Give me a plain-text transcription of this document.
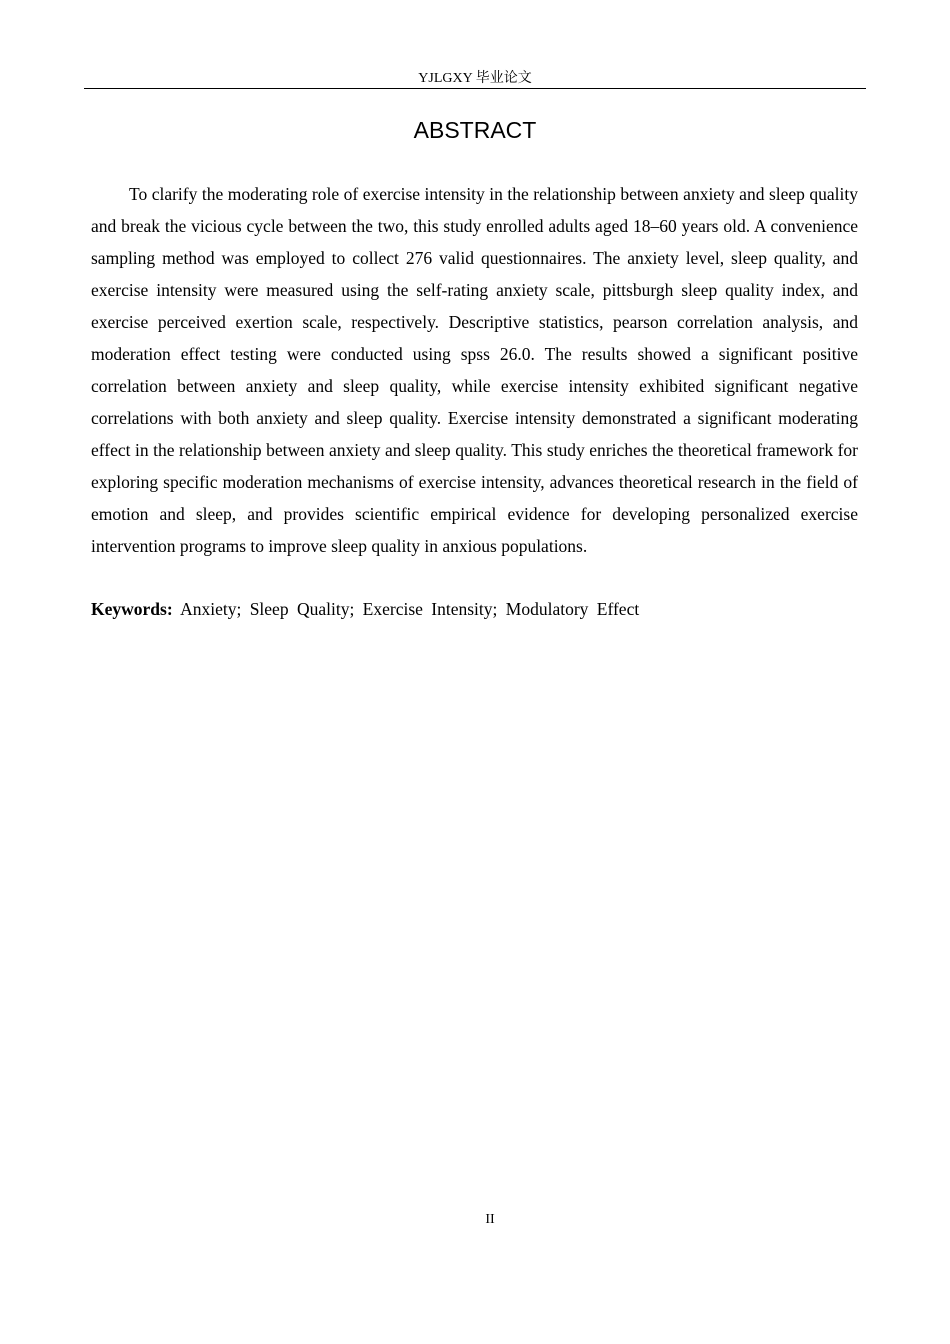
YJLGXY 毕业论文
ABSTRACT

To clarify the moderating role of exercise intensity in the relationship between anxiety and sleep quality and break the vicious cycle between the two, this study enrolled adults aged 18–60 years old. A convenience sampling method was employed to collect 276 valid questionnaires. The anxiety level, sleep quality, and exercise intensity were measured using the self-rating anxiety scale, pittsburgh sleep quality index, and exercise perceived exertion scale, respectively. Descriptive statistics, pearson correlation analysis, and moderation effect testing were conducted using spss 26.0. The results showed a significant positive correlation between anxiety and sleep quality, while exercise intensity exhibited significant negative correlations with both anxiety and sleep quality. Exercise intensity demonstrated a significant moderating effect in the relationship between anxiety and sleep quality. This study enriches the theoretical framework for exploring specific moderation mechanisms of exercise intensity, advances theoretical research in the field of emotion and sleep, and provides scientific empirical evidence for developing personalized exercise intervention programs to improve sleep quality in anxious populations.

Keywords: Anxiety; Sleep Quality; Exercise Intensity; Modulatory Effect
II
